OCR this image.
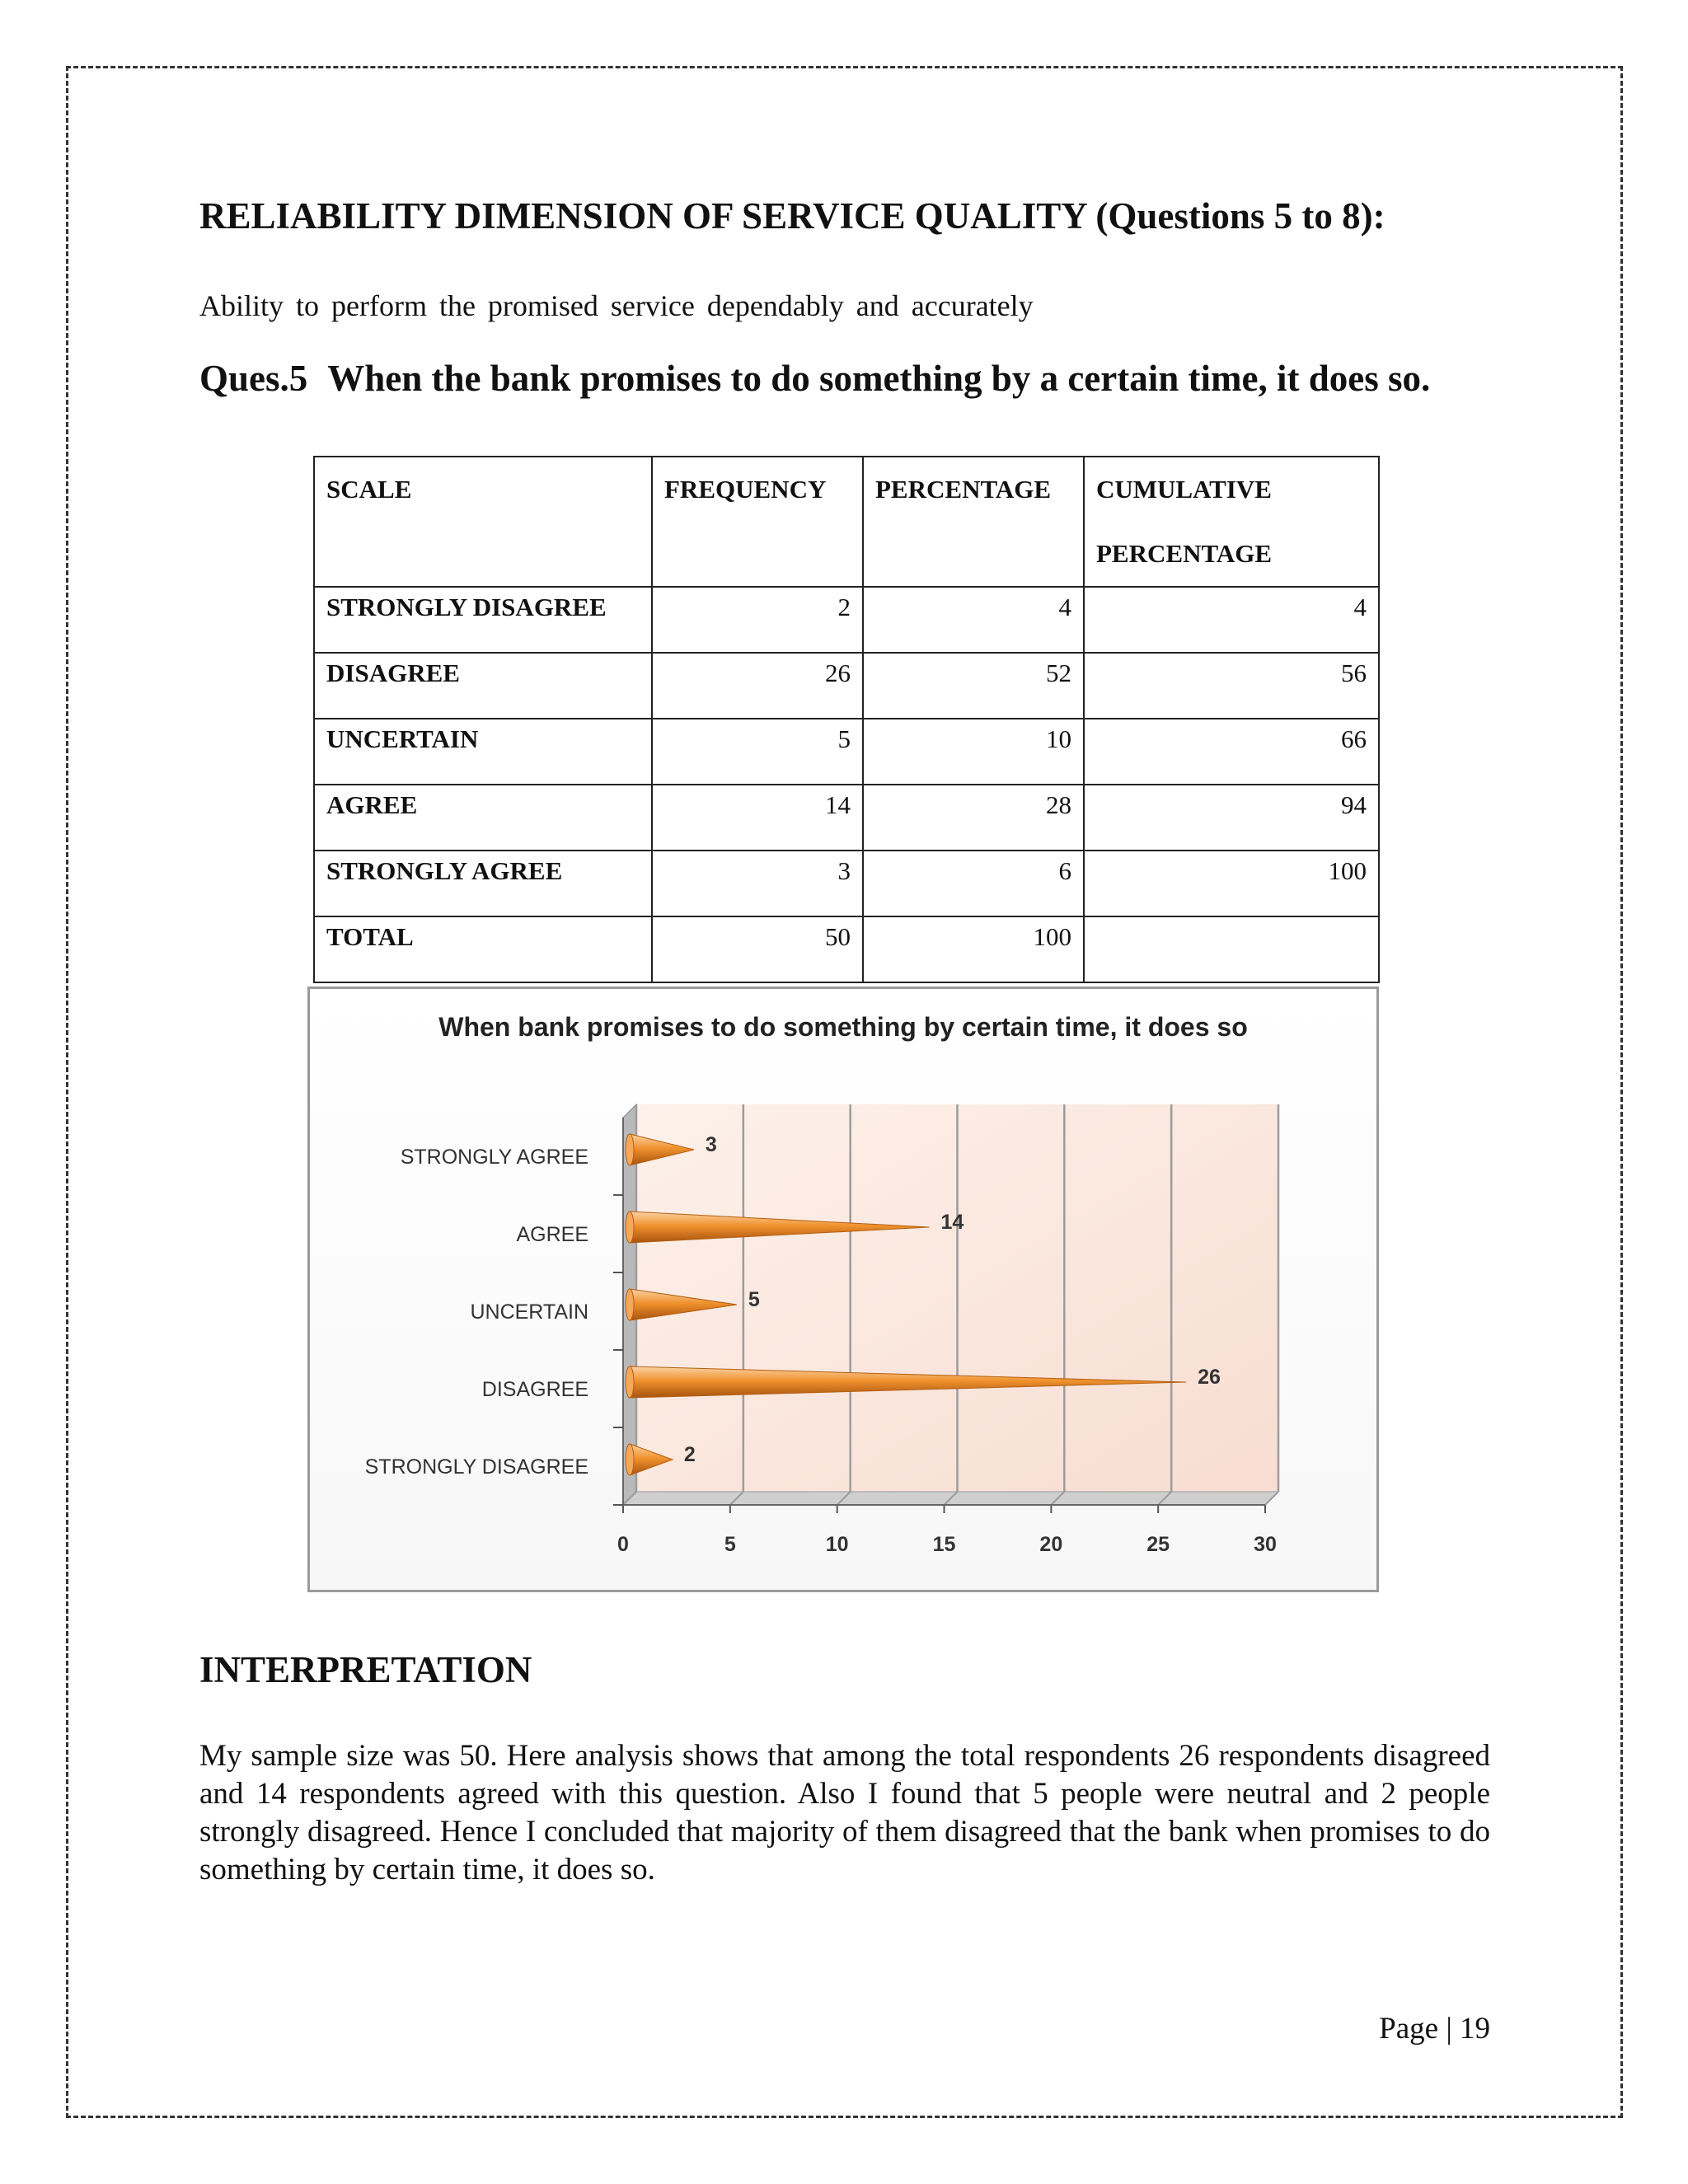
RELIABILITY DIMENSION OF SERVICE QUALITY (Questions 5 to 8):

Ability to perform the promised service dependably and accurately

Ques.5 When the bank promises to do something by a certain time, it does so.
SCALE	FREQUENCY	PERCENTAGE	CUMULATIVE
PERCENTAGE
STRONGLY DISAGREE	2	4	4
DISAGREE	26	52	56
UNCERTAIN	5	10	66
AGREE	14	28	94
STRONGLY AGREE	3	6	100
TOTAL	50	100	
When bank promises to do something by certain time, it does so
0	5	10	15	20	25	30
STRONGLY DISAGREE
2
DISAGREE
26
UNCERTAIN
5
AGREE
14
STRONGLY AGREE
3
INTERPRETATION

My sample size was 50. Here analysis shows that among the total respondents 26 respondents disagreed and 14 respondents agreed with this question. Also I found that 5 people were neutral and 2 people strongly disagreed. Hence I concluded that majority of them disagreed that the bank when promises to do something by certain time, it does so.

Page | 19
